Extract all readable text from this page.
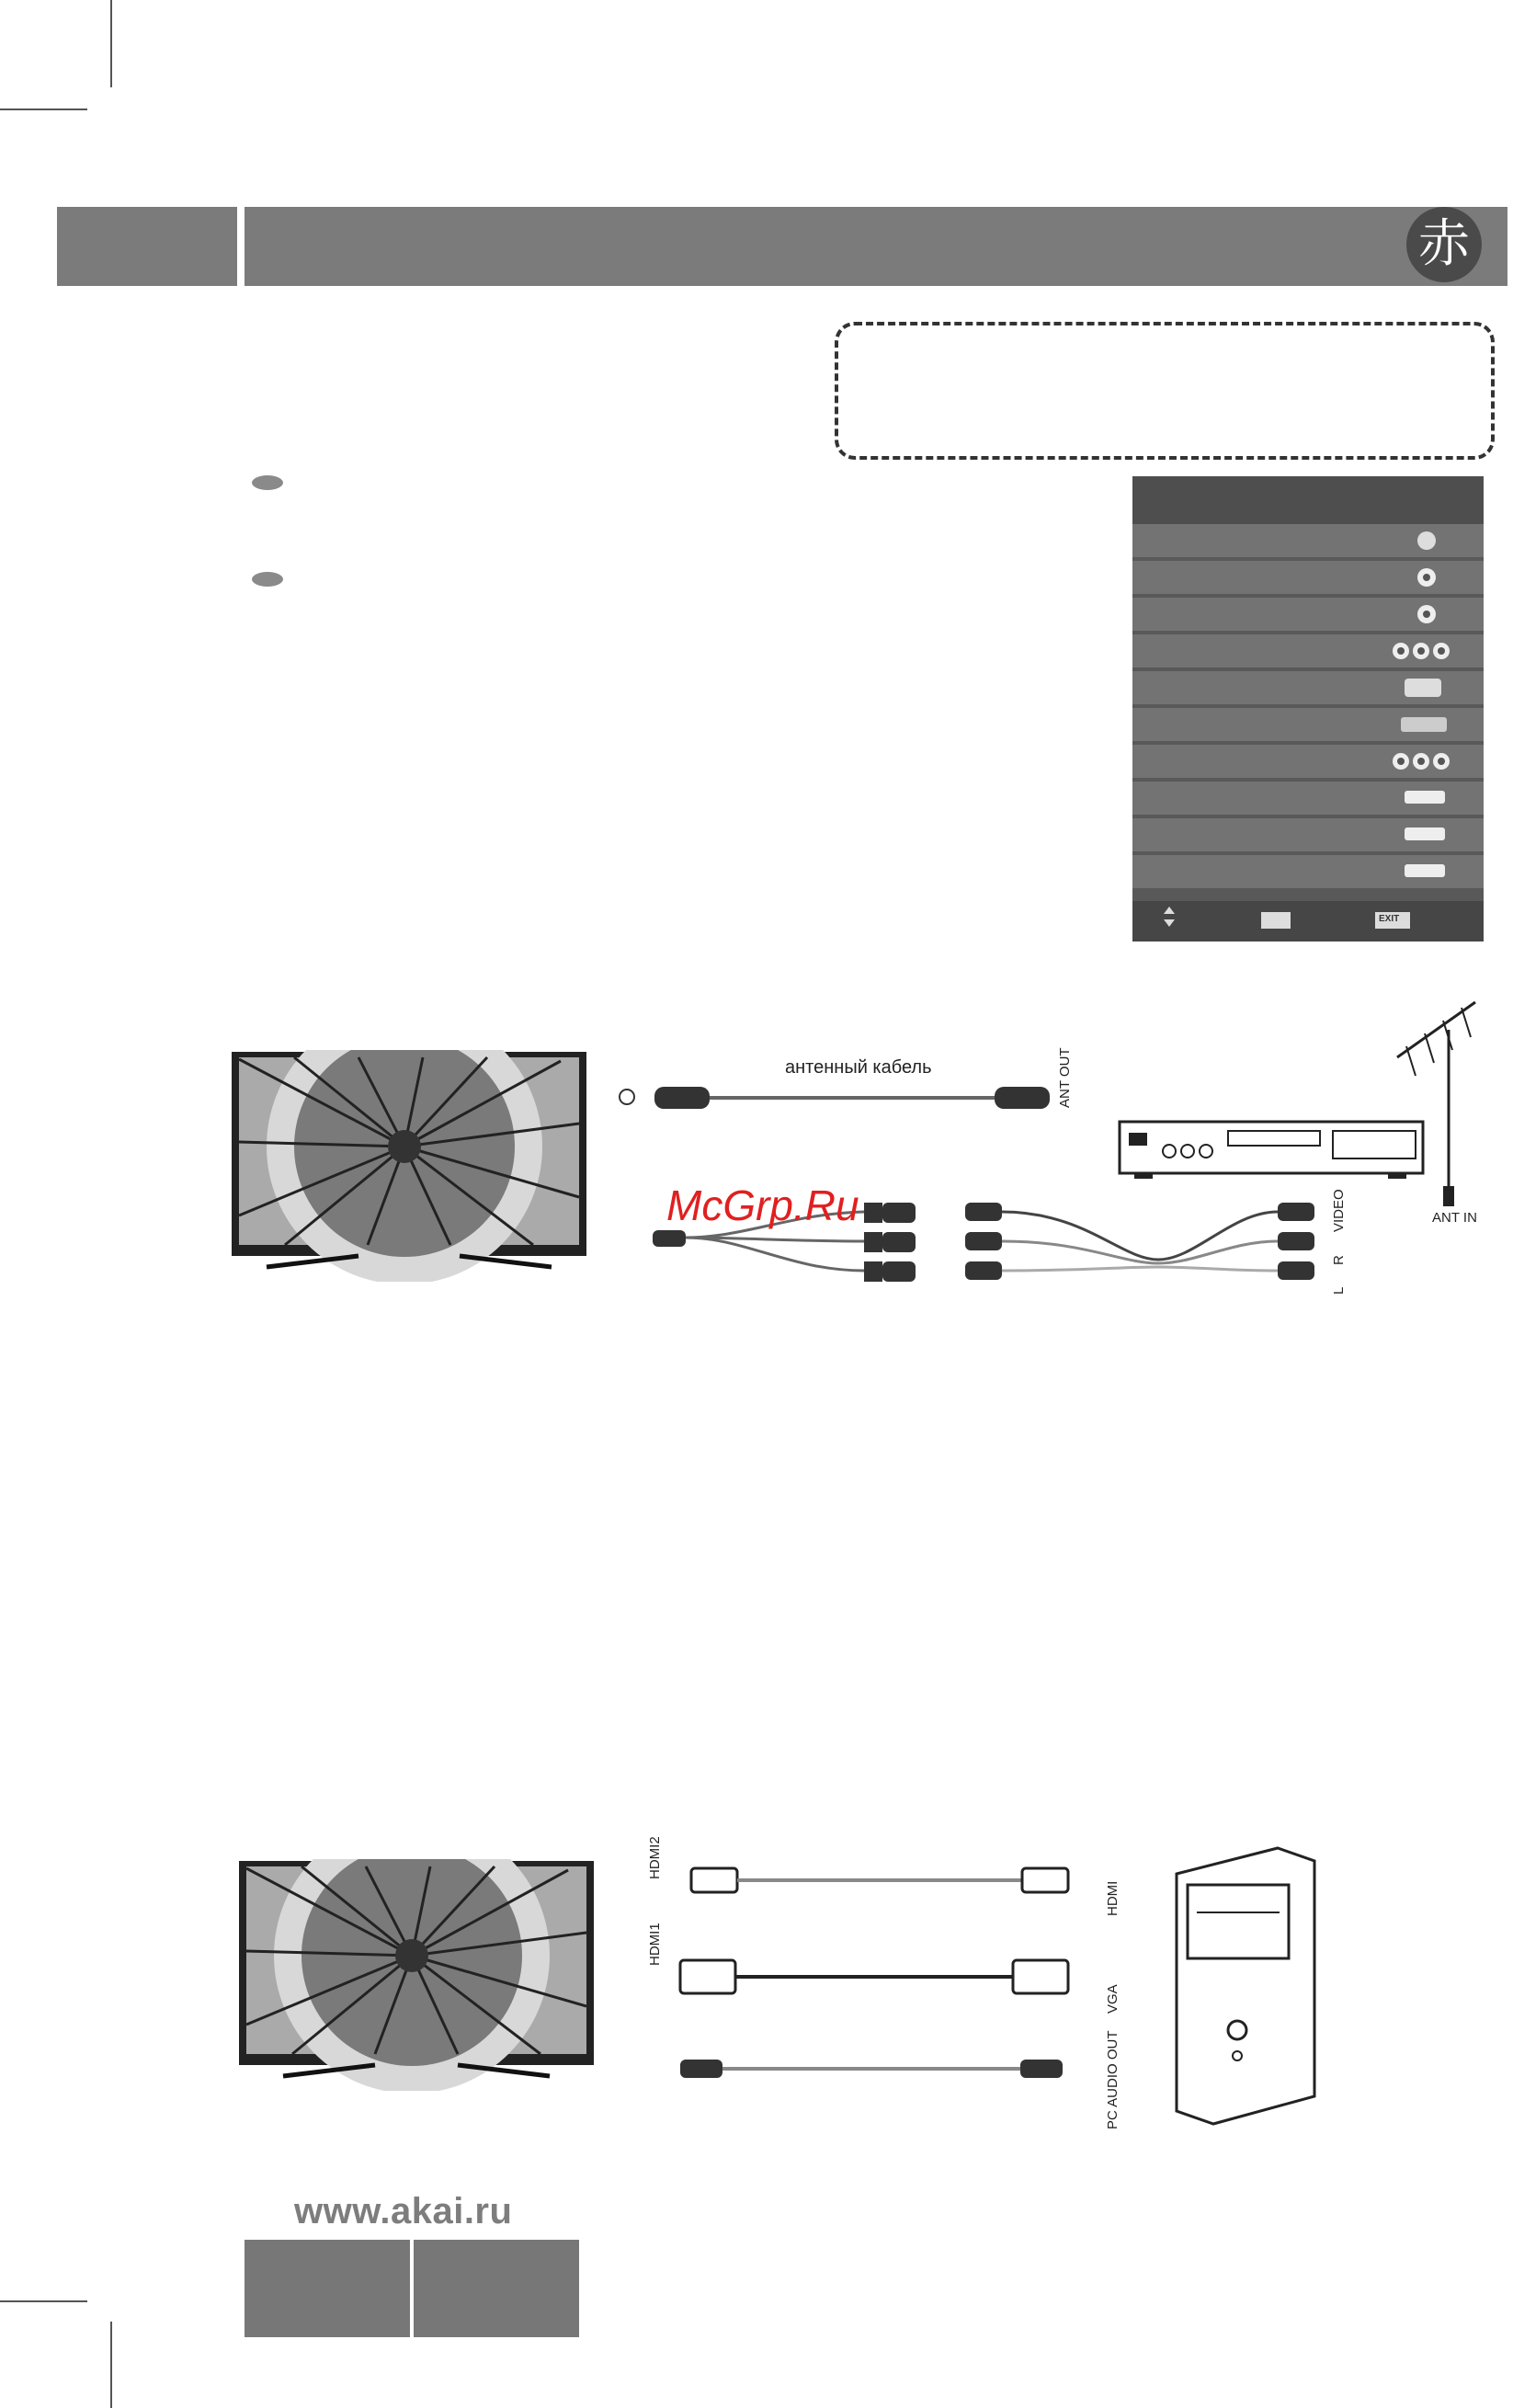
赤
EXIT
антенный кабель	ANT OUT
ANT IN
VIDEO
R
L
McGrp.Ru
HDMI2
HDMI1
HDMI
VGA
PC AUDIO OUT
www.akai.ru
